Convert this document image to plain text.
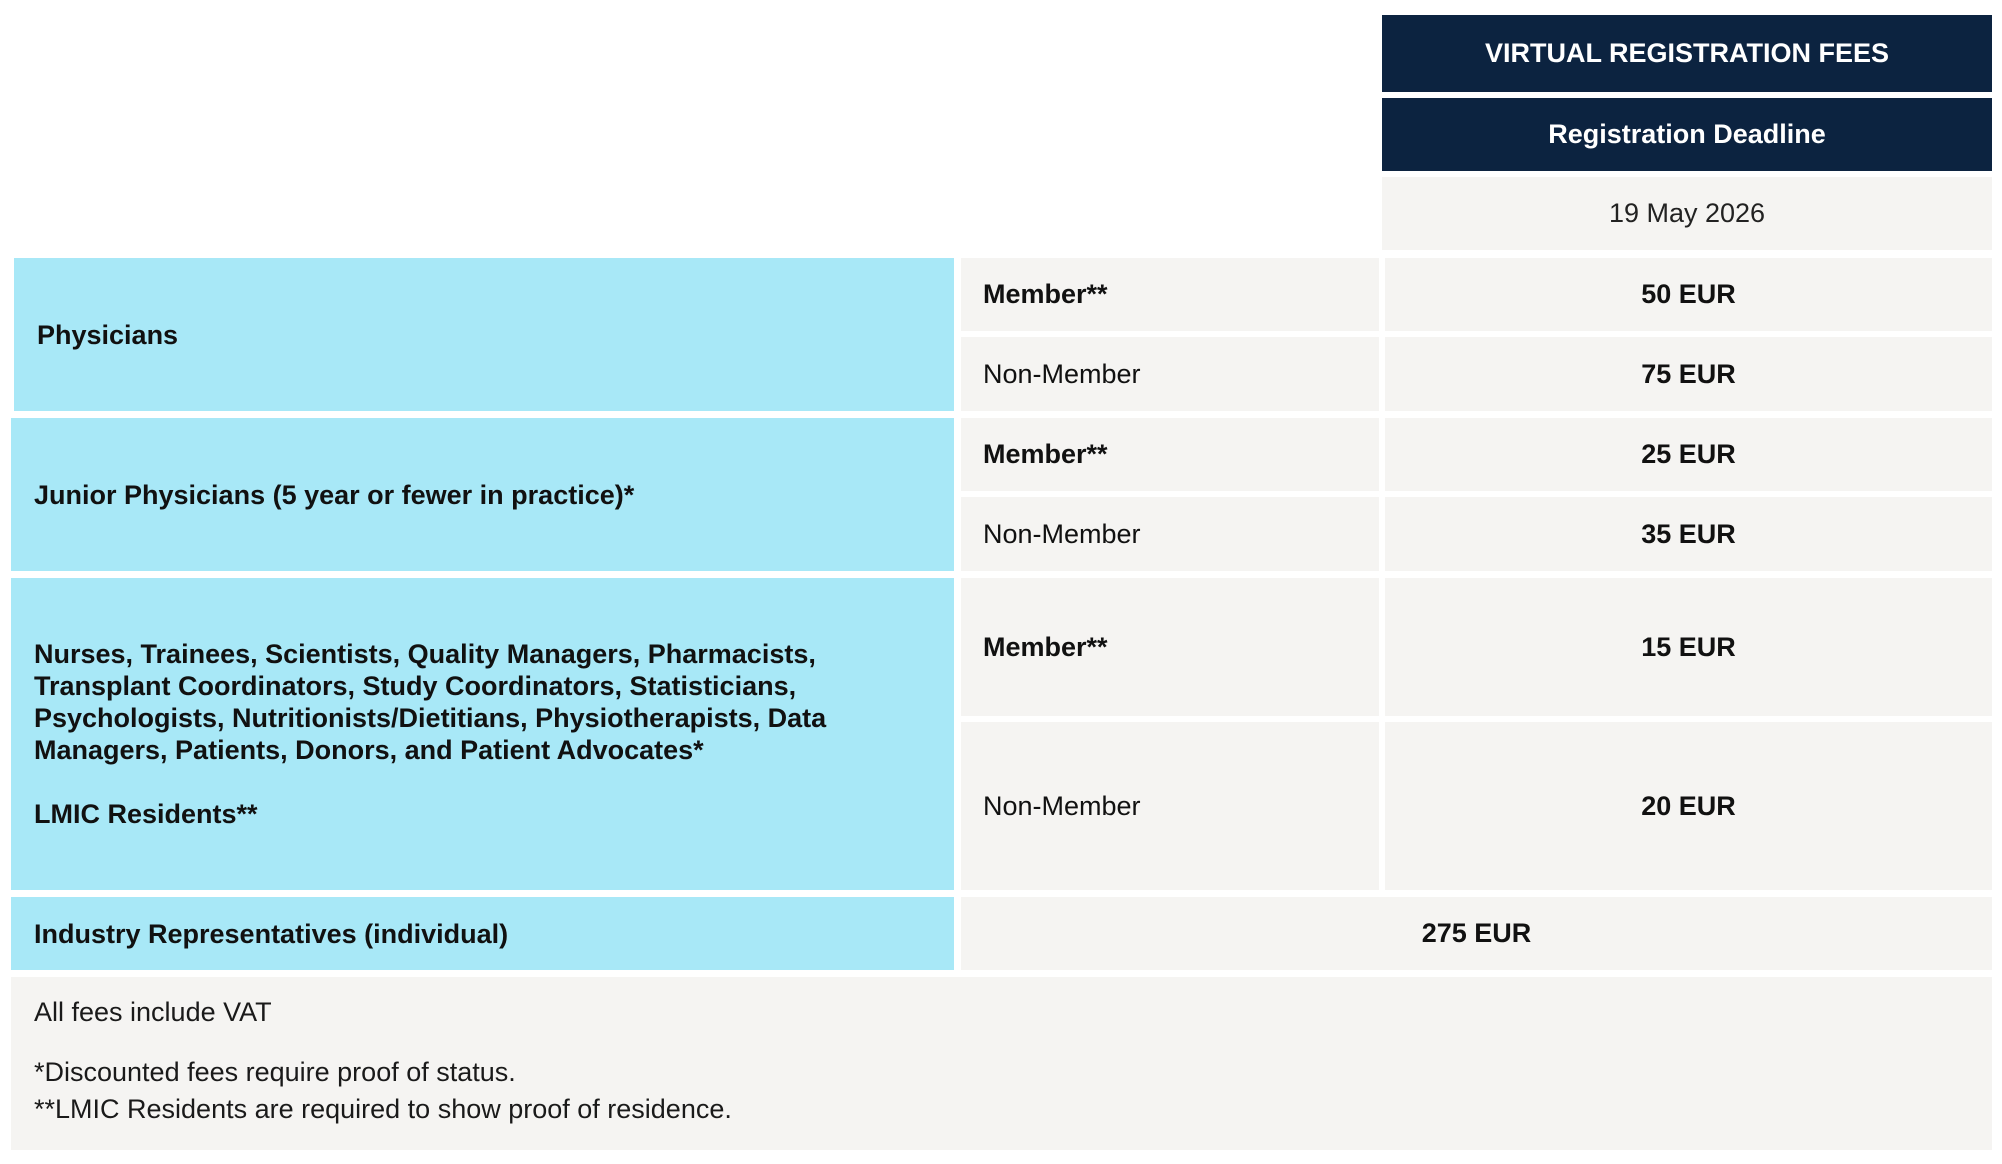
VIRTUAL REGISTRATION FEES
Registration Deadline
19 May 2026
Physicians
Member**	50 EUR
Non-Member	75 EUR
Junior Physicians (5 year or fewer in practice)*
Member**	25 EUR
Non-Member	35 EUR
Nurses, Trainees, Scientists, Quality Managers, Pharmacists,
Transplant Coordinators, Study Coordinators, Statisticians,
Psychologists, Nutritionists/Dietitians, Physiotherapists, Data
Managers, Patients, Donors, and Patient Advocates*
LMIC Residents**
Member**	15 EUR
Non-Member	20 EUR
Industry Representatives (individual)	275 EUR
All fees include VAT
*Discounted fees require proof of status.
**LMIC Residents are required to show proof of residence.
